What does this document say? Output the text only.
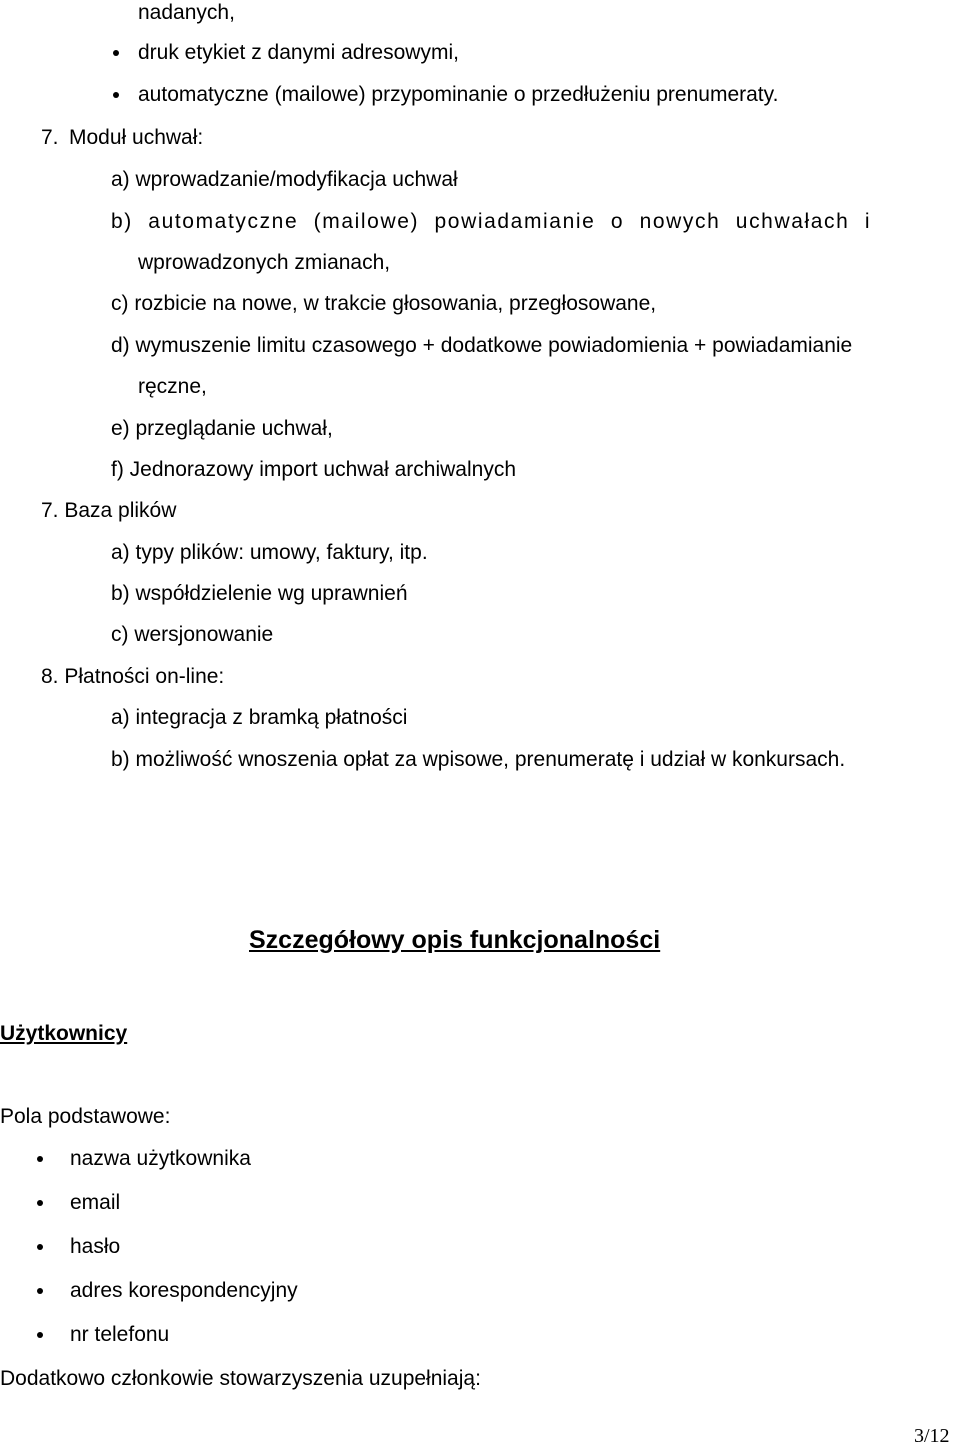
nadanych,
druk etykiet z danymi adresowymi,
automatyczne (mailowe) przypominanie o przedłużeniu prenumeraty.
7. Moduł uchwał:
a) wprowadzanie/modyfikacja uchwał
b) automatyczne (mailowe) powiadamianie o nowych uchwałach i
wprowadzonych zmianach,
c) rozbicie na nowe, w trakcie głosowania, przegłosowane,
d) wymuszenie limitu czasowego + dodatkowe powiadomienia + powiadamianie
ręczne,
e) przeglądanie uchwał,
f) Jednorazowy import uchwał archiwalnych
7. Baza plików
a) typy plików: umowy, faktury, itp.
b) współdzielenie wg uprawnień
c) wersjonowanie
8. Płatności on-line:
a) integracja z bramką płatności
b) możliwość wnoszenia opłat za wpisowe, prenumeratę i udział w konkursach.
Szczegółowy opis funkcjonalności
Użytkownicy
Pola podstawowe:
nazwa użytkownika
email
hasło
adres korespondencyjny
nr telefonu
Dodatkowo członkowie stowarzyszenia uzupełniają:
3/12
